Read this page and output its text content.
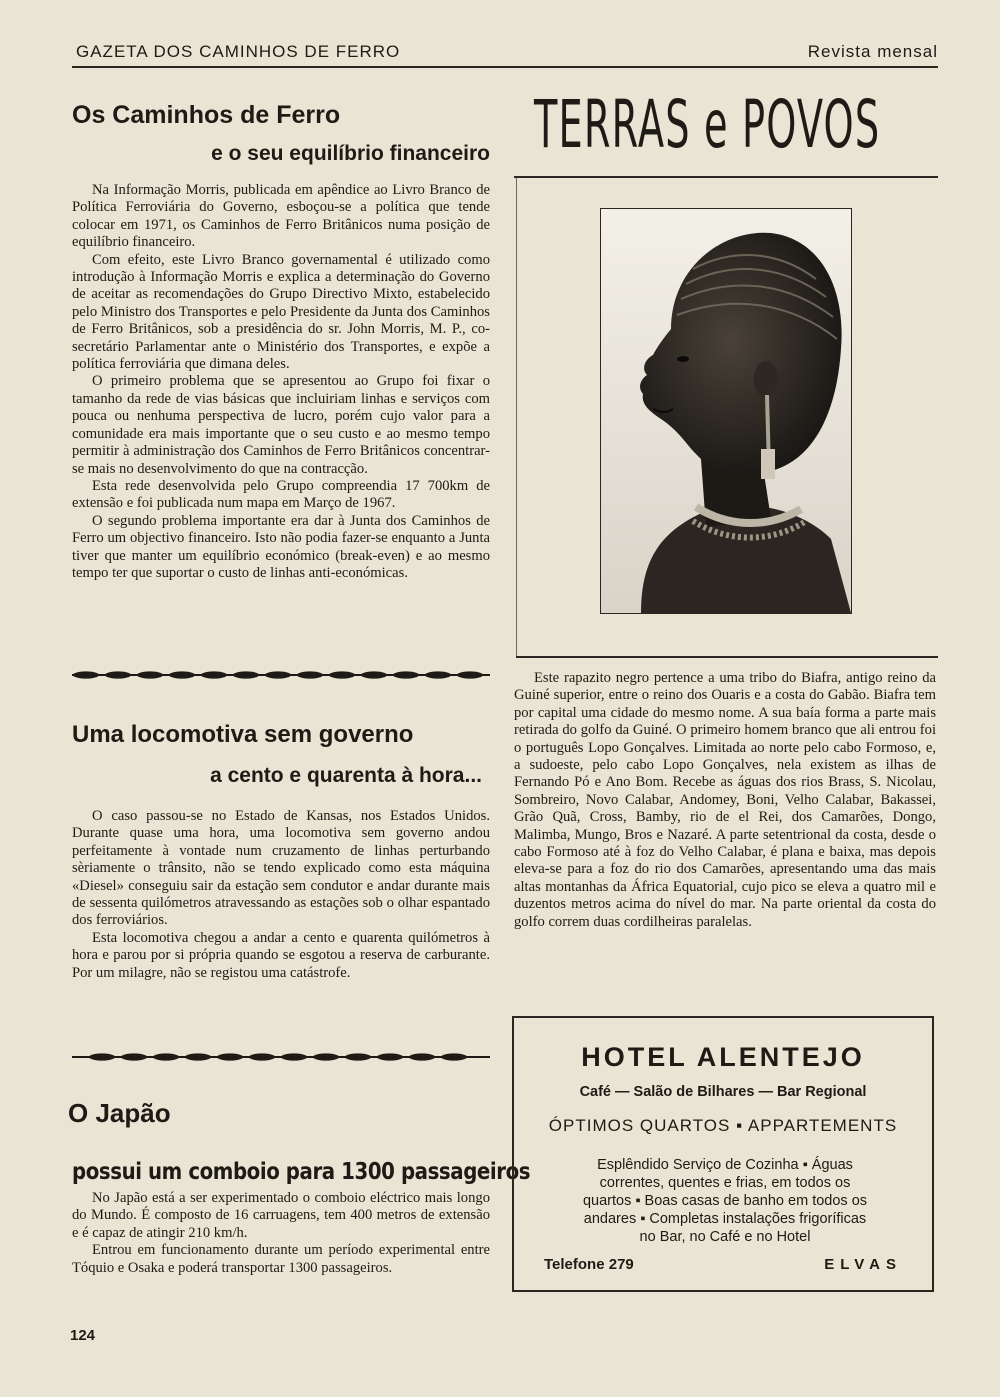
GAZETA DOS CAMINHOS DE FERRO	Revista mensal
Os Caminhos de Ferro
e o seu equilíbrio financeiro

Na Informação Morris, publicada em apêndice ao Livro Branco de Política Ferroviária do Governo, esboçou-se a política que tende colocar em 1971, os Caminhos de Ferro Britânicos numa posição de equilíbrio financeiro.

Com efeito, este Livro Branco governamental é utilizado como introdução à Informação Morris e explica a determinação do Governo de aceitar as recomendações do Grupo Directivo Mixto, estabelecido pelo Ministro dos Transportes e pelo Presidente da Junta dos Caminhos de Ferro Britânicos, sob a presidência do sr. John Morris, M. P., co-secretário Parlamentar ante o Ministério dos Transportes, e expõe a política ferroviária que dimana deles.

O primeiro problema que se apresentou ao Grupo foi fixar o tamanho da rede de vias básicas que incluiriam linhas e serviços com pouca ou nenhuma perspectiva de lucro, porém cujo valor para a comunidade era mais importante que o seu custo e ao mesmo tempo permitir à administração dos Caminhos de Ferro Britânicos concentrar-se mais no desenvolvimento do que na contracção.

Esta rede desenvolvida pelo Grupo compreendia 17 700km de extensão e foi publicada num mapa em Março de 1967.

O segundo problema importante era dar à Junta dos Caminhos de Ferro um objectivo financeiro. Isto não podia fazer-se enquanto a Junta tiver que manter um equilíbrio económico (break-even) e ao mesmo tempo ter que suportar o custo de linhas anti-económicas.

Uma locomotiva sem governo
a cento e quarenta à hora...

O caso passou-se no Estado de Kansas, nos Estados Unidos. Durante quase uma hora, uma locomotiva sem governo andou perfeitamente à vontade num cruzamento de linhas perturbando sèriamente o trânsito, não se tendo explicado como esta máquina «Diesel» conseguiu sair da estação sem condutor e andar durante mais de sessenta quilómetros atravessando as estações sob o olhar espantado dos ferroviários.

Esta locomotiva chegou a andar a cento e quarenta quilómetros à hora e parou por si própria quando se esgotou a reserva de carburante. Por um milagre, não se registou uma catástrofe.

O Japão
possui um comboio para 1300 passageiros

No Japão está a ser experimentado o comboio eléctrico mais longo do Mundo. É composto de 16 carruagens, tem 400 metros de extensão e é capaz de atingir 210 km/h.

Entrou em funcionamento durante um período experimental entre Tóquio e Osaka e poderá transportar 1300 passageiros.

TERRAS e POVOS

Este rapazito negro pertence a uma tribo do Biafra, antigo reino da Guiné superior, entre o reino dos Ouaris e a costa do Gabão. Biafra tem por capital uma cidade do mesmo nome. A sua baía forma a parte mais retirada do golfo da Guiné. O primeiro homem branco que ali entrou foi o português Lopo Gonçalves. Limitada ao norte pelo cabo Formoso, e, a sudoeste, pelo cabo Lopo Gonçalves, nela existem as ilhas de Fernando Pó e Ano Bom. Recebe as águas dos rios Brass, S. Nicolau, Sombreiro, Novo Calabar, Andomey, Boni, Velho Calabar, Bakassei, Grão Quã, Cross, Bamby, rio de el Rei, dos Camarões, Dongo, Malimba, Mungo, Bros e Nazaré. A parte setentrional da costa, desde o cabo Formoso até à foz do Velho Calabar, é plana e baixa, mas depois eleva-se para a foz do rio dos Camarões, apresentando uma das mais altas montanhas da África Equatorial, cujo pico se eleva a quatro mil e duzentos metros acima do nível do mar. Na parte oriental da costa do golfo correm duas cordilheiras paralelas.

HOTEL ALENTEJO
Café — Salão de Bilhares — Bar Regional
ÓPTIMOS QUARTOS ▪ APPARTEMENTS
Esplêndido Serviço de Cozinha ▪ Águas correntes, quentes e frias, em todos os quartos ▪ Boas casas de banho em todos os andares ▪ Completas instalações frigoríficas no Bar, no Café e no Hotel
Telefone 279	ELVAS
124
